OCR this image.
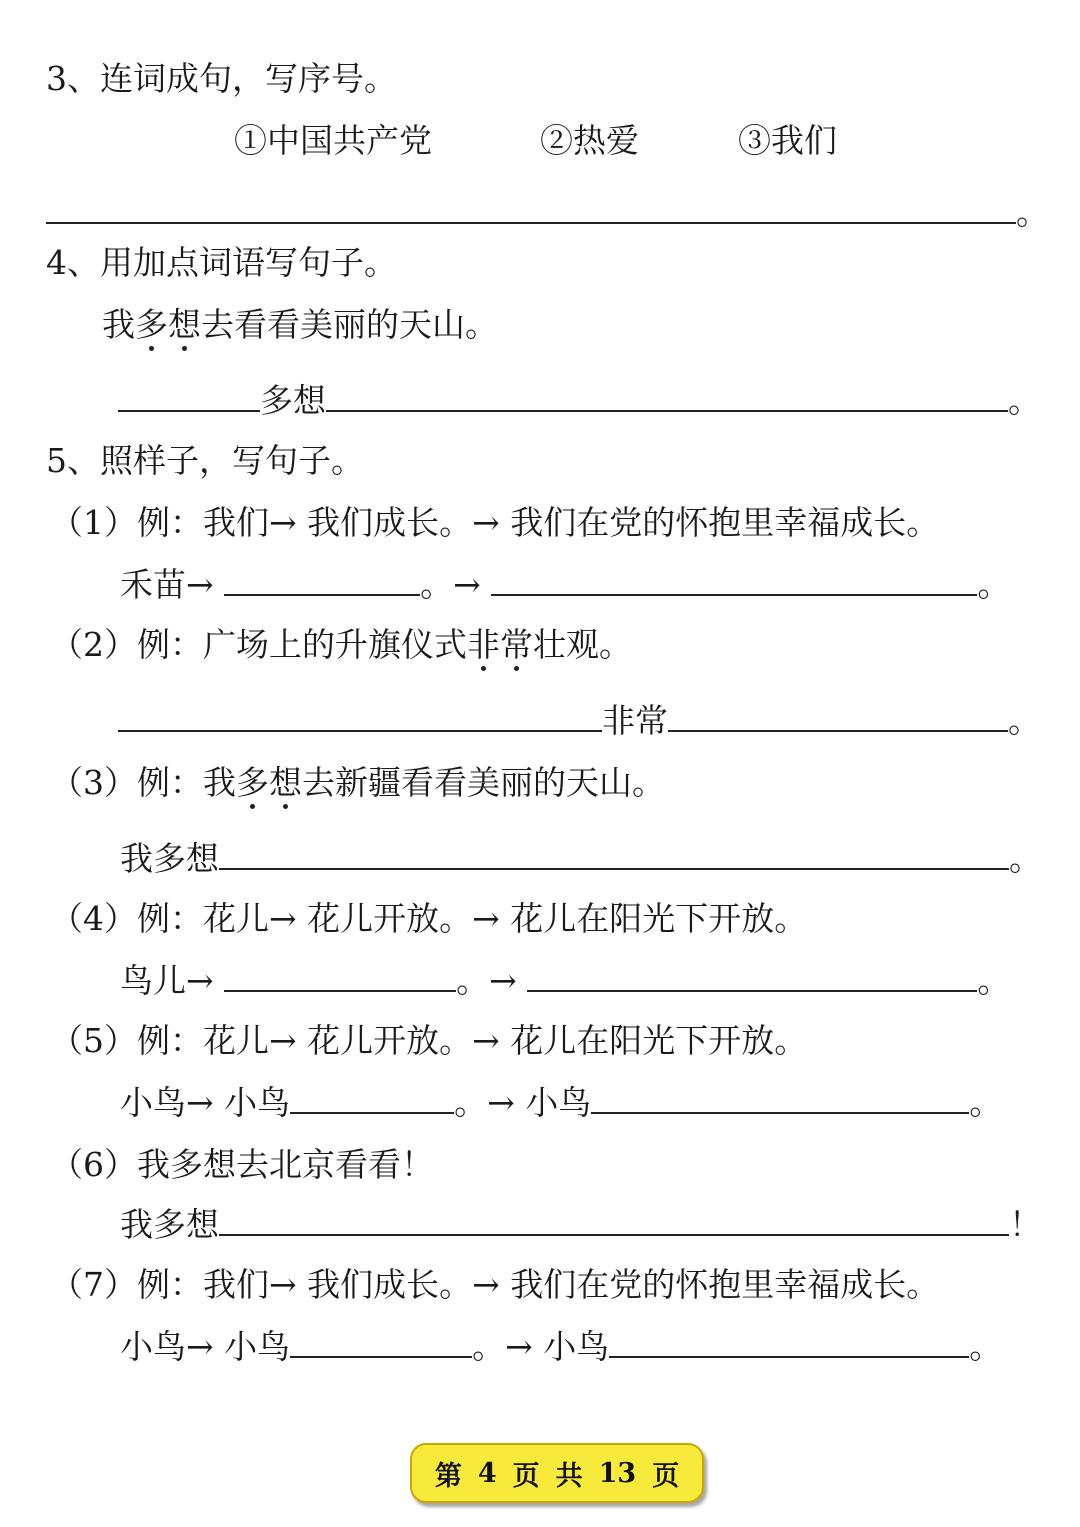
3、连词成句，写序号。
①中国共产党	②热爱	③我们
。
4、用加点词语写句子。
我多想去看看美丽的天山。
多想	。
5、照样子，写句子。
（1）例：我们→ 我们成长。→ 我们在党的怀抱里幸福成长。
禾苗→	。→	。
（2）例：广场上的升旗仪式非常壮观。
非常	。
（3）例：我多想去新疆看看美丽的天山。
我多想	。
（4）例：花儿→ 花儿开放。→ 花儿在阳光下开放。
鸟儿→	。→	。
（5）例：花儿→ 花儿开放。→ 花儿在阳光下开放。
小鸟→ 小鸟	。→ 小鸟	。
（6）我多想去北京看看！
我多想	！
（7）例：我们→ 我们成长。→ 我们在党的怀抱里幸福成长。
小鸟→ 小鸟	。→ 小鸟	。
第 4 页 共 13 页
